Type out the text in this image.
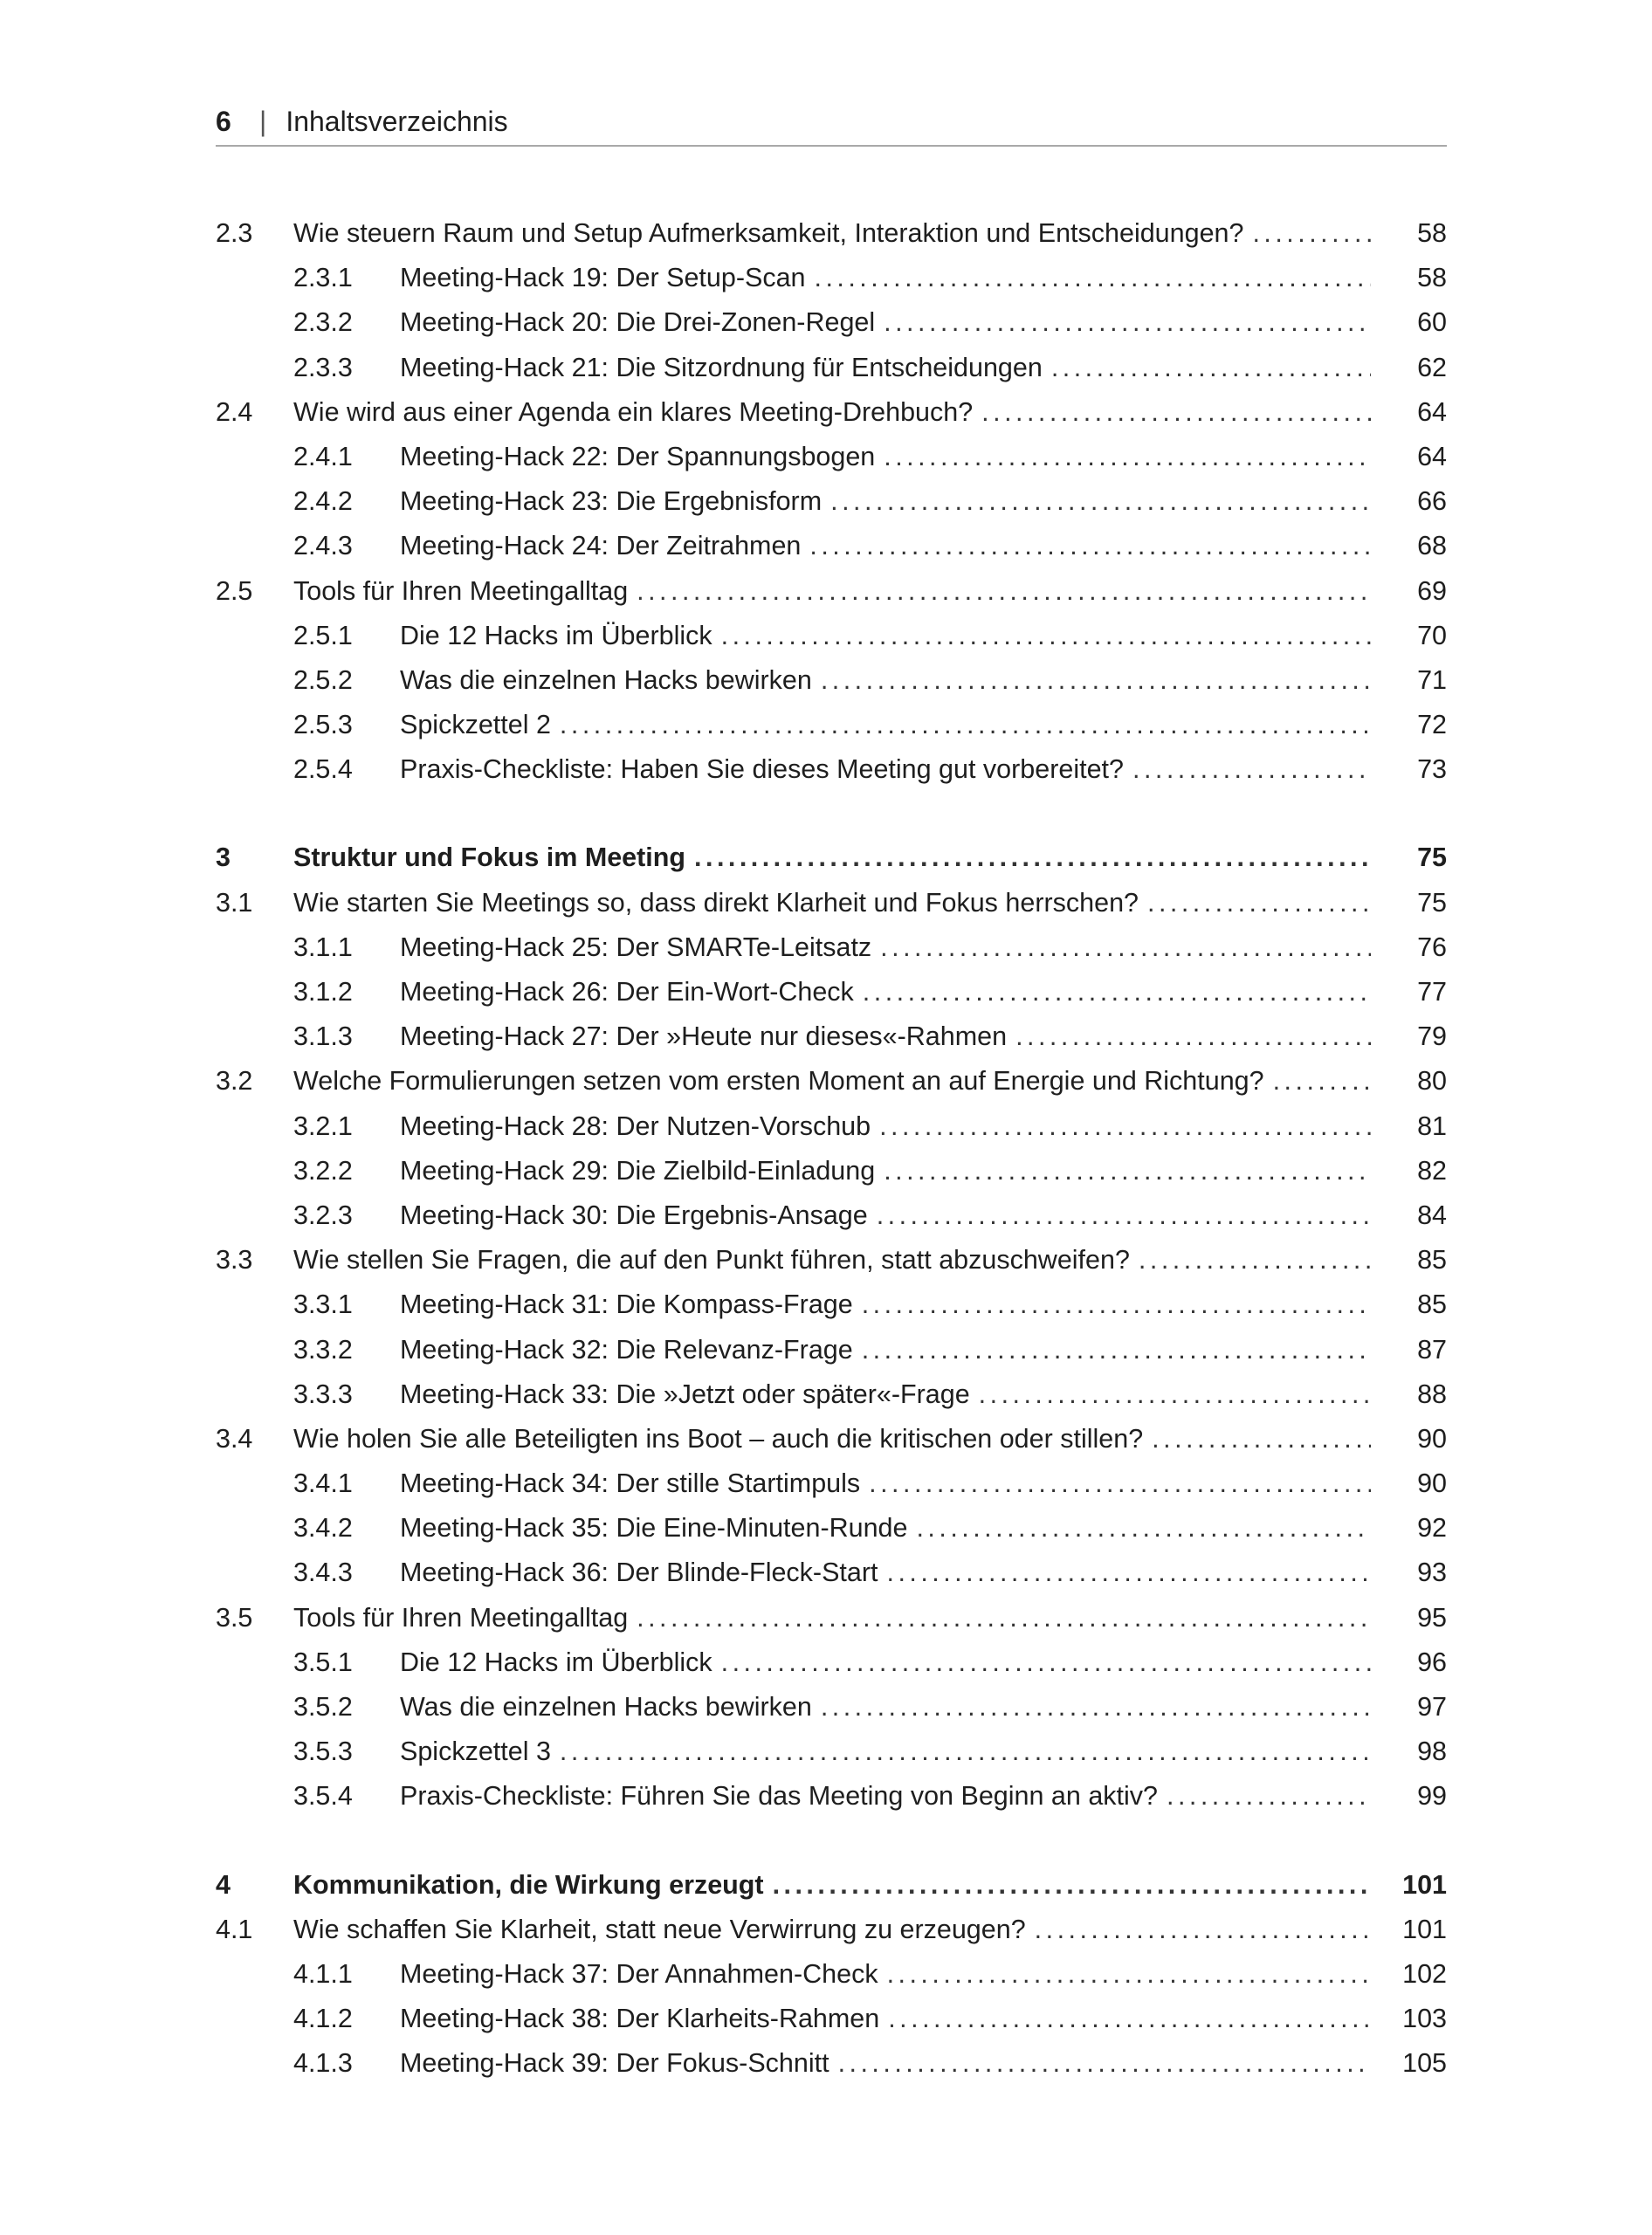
6	| Inhaltsverzeichnis
2.3 Wie steuern Raum und Setup Aufmerksamkeit, Interaktion und Entscheidungen? . . .	58
2.3.1 Meeting-Hack 19: Der Setup-Scan . . .	58
2.3.2 Meeting-Hack 20: Die Drei-Zonen-Regel . . .	60
2.3.3 Meeting-Hack 21: Die Sitzordnung für Entscheidungen . . .	62
2.4 Wie wird aus einer Agenda ein klares Meeting-Drehbuch? . . .	64
2.4.1 Meeting-Hack 22: Der Spannungsbogen . . .	64
2.4.2 Meeting-Hack 23: Die Ergebnisform . . .	66
2.4.3 Meeting-Hack 24: Der Zeitrahmen . . .	68
2.5 Tools für Ihren Meetingalltag . . .	69
2.5.1 Die 12 Hacks im Überblick . . .	70
2.5.2 Was die einzelnen Hacks bewirken . . .	71
2.5.3 Spickzettel 2 . . .	72
2.5.4 Praxis-Checkliste: Haben Sie dieses Meeting gut vorbereitet? . . .	73
3 Struktur und Fokus im Meeting . . .	75
3.1 Wie starten Sie Meetings so, dass direkt Klarheit und Fokus herrschen? . . .	75
3.1.1 Meeting-Hack 25: Der SMARTe-Leitsatz . . .	76
3.1.2 Meeting-Hack 26: Der Ein-Wort-Check . . .	77
3.1.3 Meeting-Hack 27: Der »Heute nur dieses«-Rahmen . . .	79
3.2 Welche Formulierungen setzen vom ersten Moment an auf Energie und Richtung? . . .	80
3.2.1 Meeting-Hack 28: Der Nutzen-Vorschub . . .	81
3.2.2 Meeting-Hack 29: Die Zielbild-Einladung . . .	82
3.2.3 Meeting-Hack 30: Die Ergebnis-Ansage . . .	84
3.3 Wie stellen Sie Fragen, die auf den Punkt führen, statt abzuschweifen? . . .	85
3.3.1 Meeting-Hack 31: Die Kompass-Frage . . .	85
3.3.2 Meeting-Hack 32: Die Relevanz-Frage . . .	87
3.3.3 Meeting-Hack 33: Die »Jetzt oder später«-Frage . . .	88
3.4 Wie holen Sie alle Beteiligten ins Boot – auch die kritischen oder stillen? . . .	90
3.4.1 Meeting-Hack 34: Der stille Startimpuls . . .	90
3.4.2 Meeting-Hack 35: Die Eine-Minuten-Runde . . .	92
3.4.3 Meeting-Hack 36: Der Blinde-Fleck-Start . . .	93
3.5 Tools für Ihren Meetingalltag . . .	95
3.5.1 Die 12 Hacks im Überblick . . .	96
3.5.2 Was die einzelnen Hacks bewirken . . .	97
3.5.3 Spickzettel 3 . . .	98
3.5.4 Praxis-Checkliste: Führen Sie das Meeting von Beginn an aktiv? . . .	99
4 Kommunikation, die Wirkung erzeugt . . .	101
4.1 Wie schaffen Sie Klarheit, statt neue Verwirrung zu erzeugen? . . .	101
4.1.1 Meeting-Hack 37: Der Annahmen-Check . . .	102
4.1.2 Meeting-Hack 38: Der Klarheits-Rahmen . . .	103
4.1.3 Meeting-Hack 39: Der Fokus-Schnitt . . .	105
